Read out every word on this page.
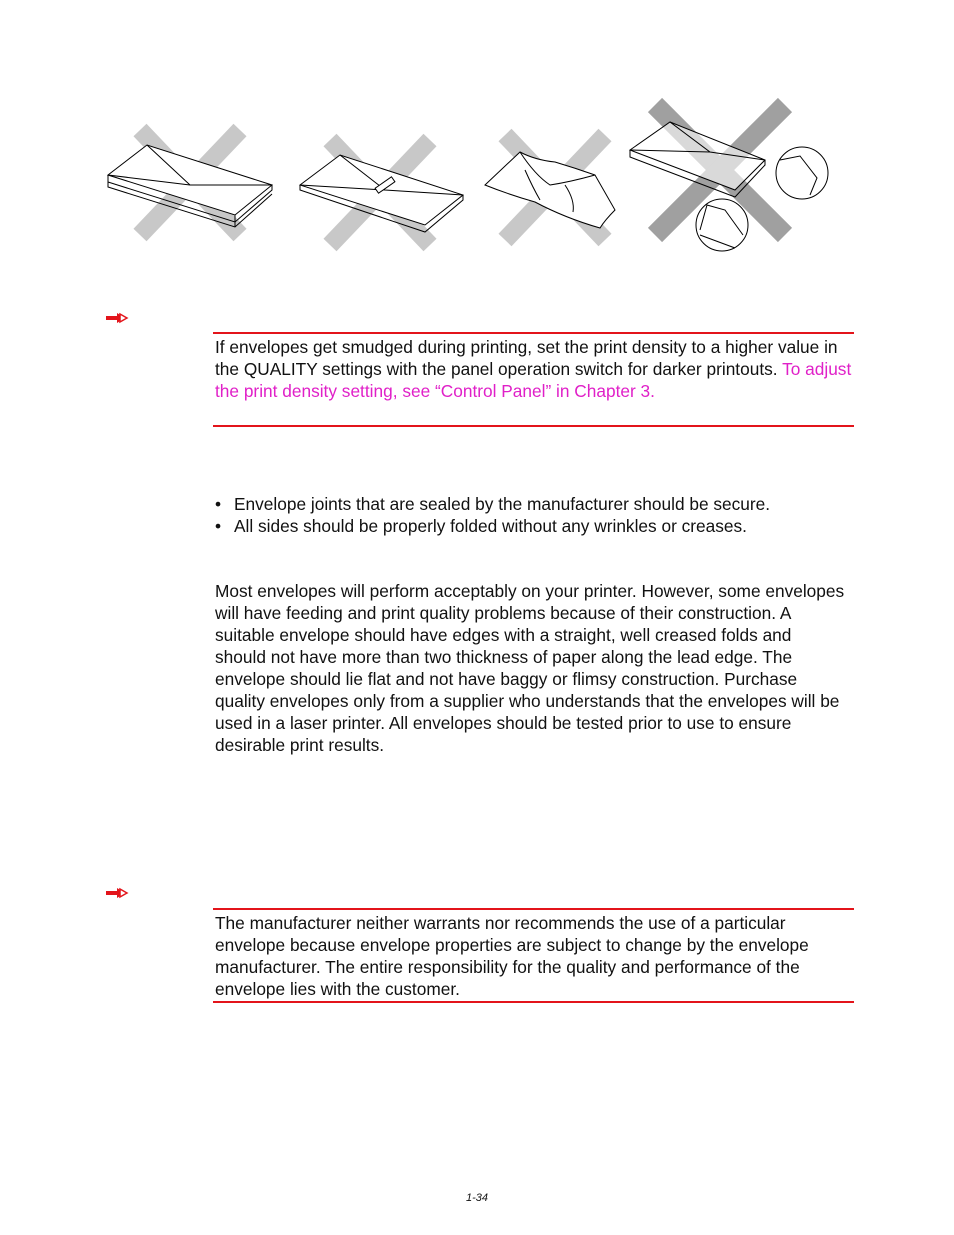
If envelopes get smudged during printing, set the print density to a higher value in the QUALITY settings with the panel operation switch for darker printouts. To adjust the print density setting, see “Control Panel” in Chapter 3.

• Envelope joints that are sealed by the manufacturer should be secure.
• All sides should be properly folded without any wrinkles or creases.

Most envelopes will perform acceptably on your printer. However, some envelopes will have feeding and print quality problems because of their construction. A suitable envelope should have edges with a straight, well creased folds and should not have more than two thickness of paper along the lead edge. The envelope should lie flat and not have baggy or flimsy construction. Purchase quality envelopes only from a supplier who understands that the envelopes will be used in a laser printer. All envelopes should be tested prior to use to ensure desirable print results.

The manufacturer neither warrants nor recommends the use of a particular envelope because envelope properties are subject to change by the envelope manufacturer. The entire responsibility for the quality and performance of the envelope lies with the customer.

1-34
